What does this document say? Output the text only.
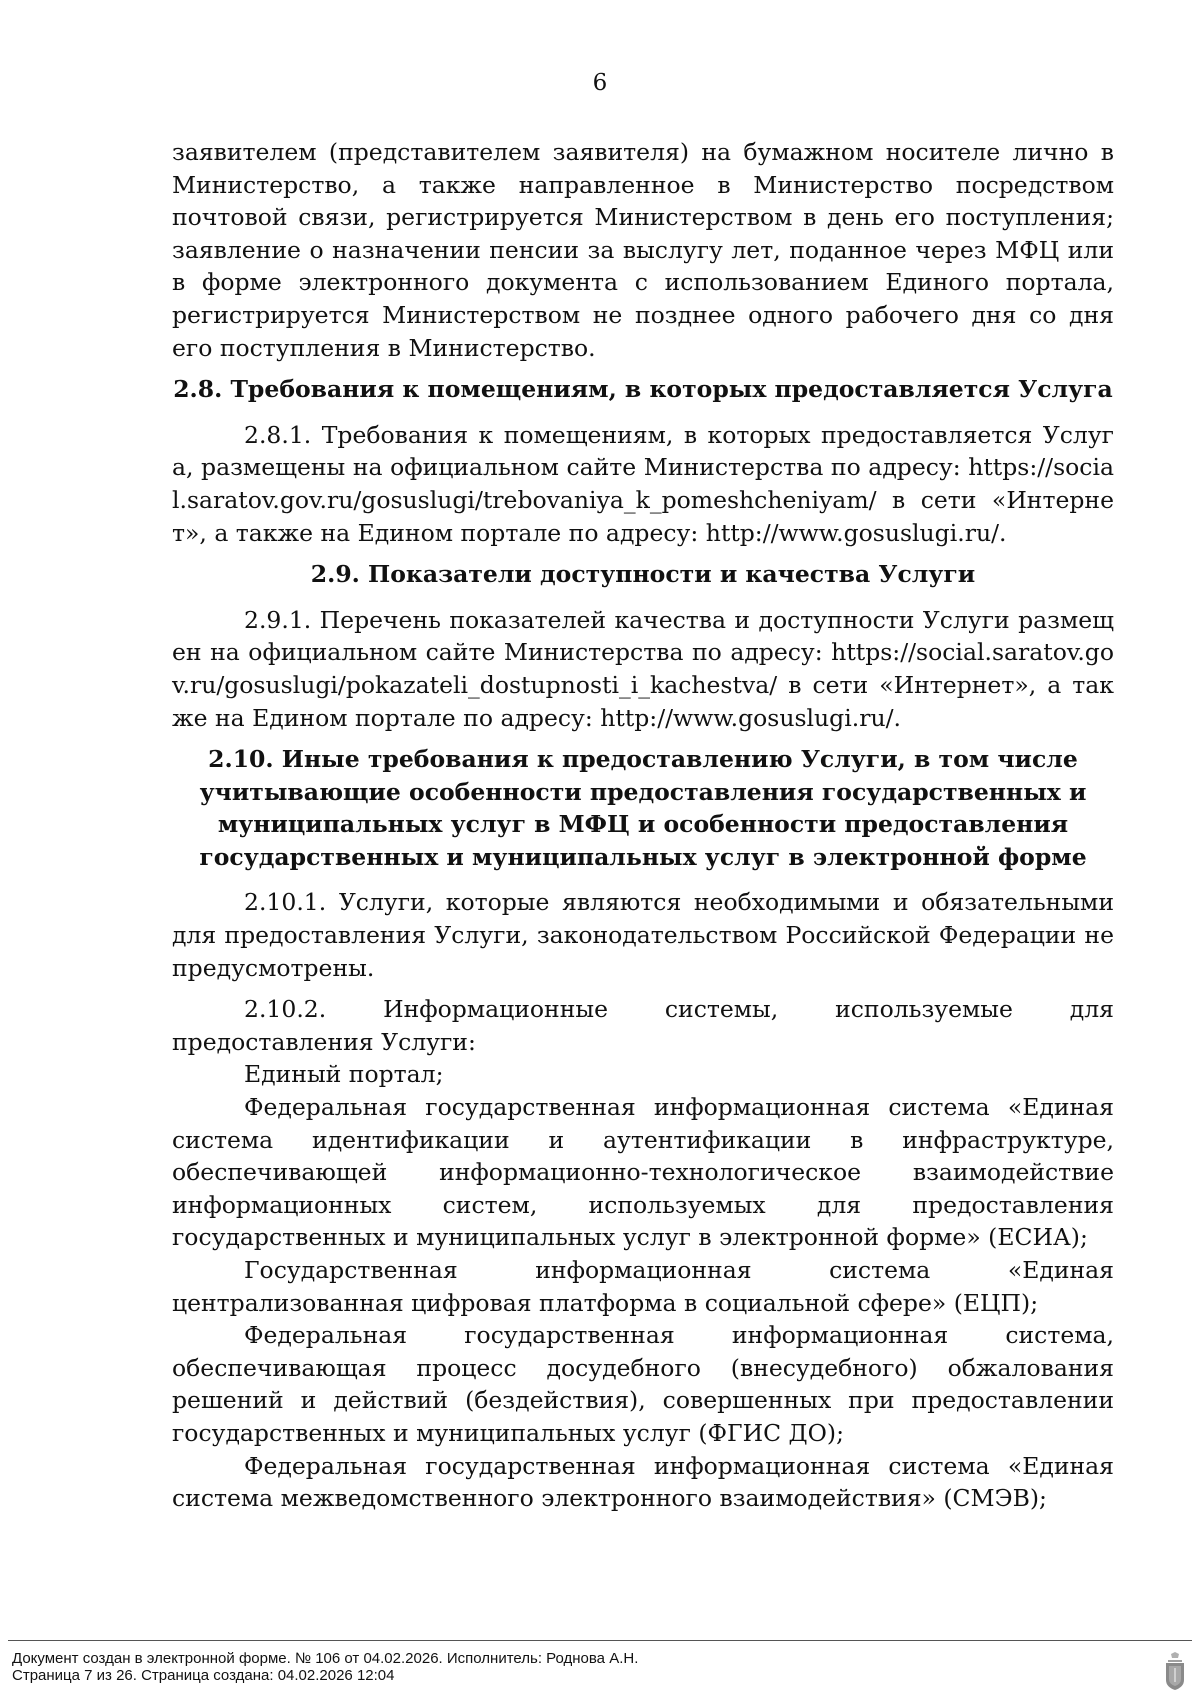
6

заявителем (представителем заявителя) на бумажном носителе лично в Министерство, а также направленное в Министерство посредством почтовой связи, регистрируется Министерством в день его поступления; заявление о назначении пенсии за выслугу лет, поданное через МФЦ или в форме электронного документа с использованием Единого портала, регистрируется Министерством не позднее одного рабочего дня со дня его поступления в Министерство.

2.8. Требования к помещениям, в которых предоставляется Услуга

2.8.1. Требования к помещениям, в которых предоставляется Услуга, размещены на официальном сайте Министерства по адресу: https://social.saratov.gov.ru/gosuslugi/trebovaniya_k_pomeshcheniyam/ в сети «Интернет», а также на Едином портале по адресу: http://www.gosuslugi.ru/.

2.9. Показатели доступности и качества Услуги

2.9.1. Перечень показателей качества и доступности Услуги размещен на официальном сайте Министерства по адресу: https://social.saratov.gov.ru/gosuslugi/pokazateli_dostupnosti_i_kachestva/ в сети «Интернет», а также на Едином портале по адресу: http://www.gosuslugi.ru/.

2.10. Иные требования к предоставлению Услуги, в том числе
учитывающие особенности предоставления государственных и
муниципальных услуг в МФЦ и особенности предоставления
государственных и муниципальных услуг в электронной форме

2.10.1. Услуги, которые являются необходимыми и обязательными для предоставления Услуги, законодательством Российской Федерации не предусмотрены.

2.10.2. Информационные системы, используемые для предоставления Услуги:

Единый портал;

Федеральная государственная информационная система «Единая система идентификации и аутентификации в инфраструктуре, обеспечивающей информационно-технологическое взаимодействие информационных систем, используемых для предоставления государственных и муниципальных услуг в электронной форме» (ЕСИА);

Государственная информационная система «Единая централизованная цифровая платформа в социальной сфере» (ЕЦП);

Федеральная государственная информационная система, обеспечивающая процесс досудебного (внесудебного) обжалования решений и действий (бездействия), совершенных при предоставлении государственных и муниципальных услуг (ФГИС ДО);

Федеральная государственная информационная система «Единая система межведомственного электронного взаимодействия» (СМЭВ);

Документ создан в электронной форме. № 106 от 04.02.2026. Исполнитель: Роднова А.Н.
Страница 7 из 26. Страница создана: 04.02.2026 12:04
